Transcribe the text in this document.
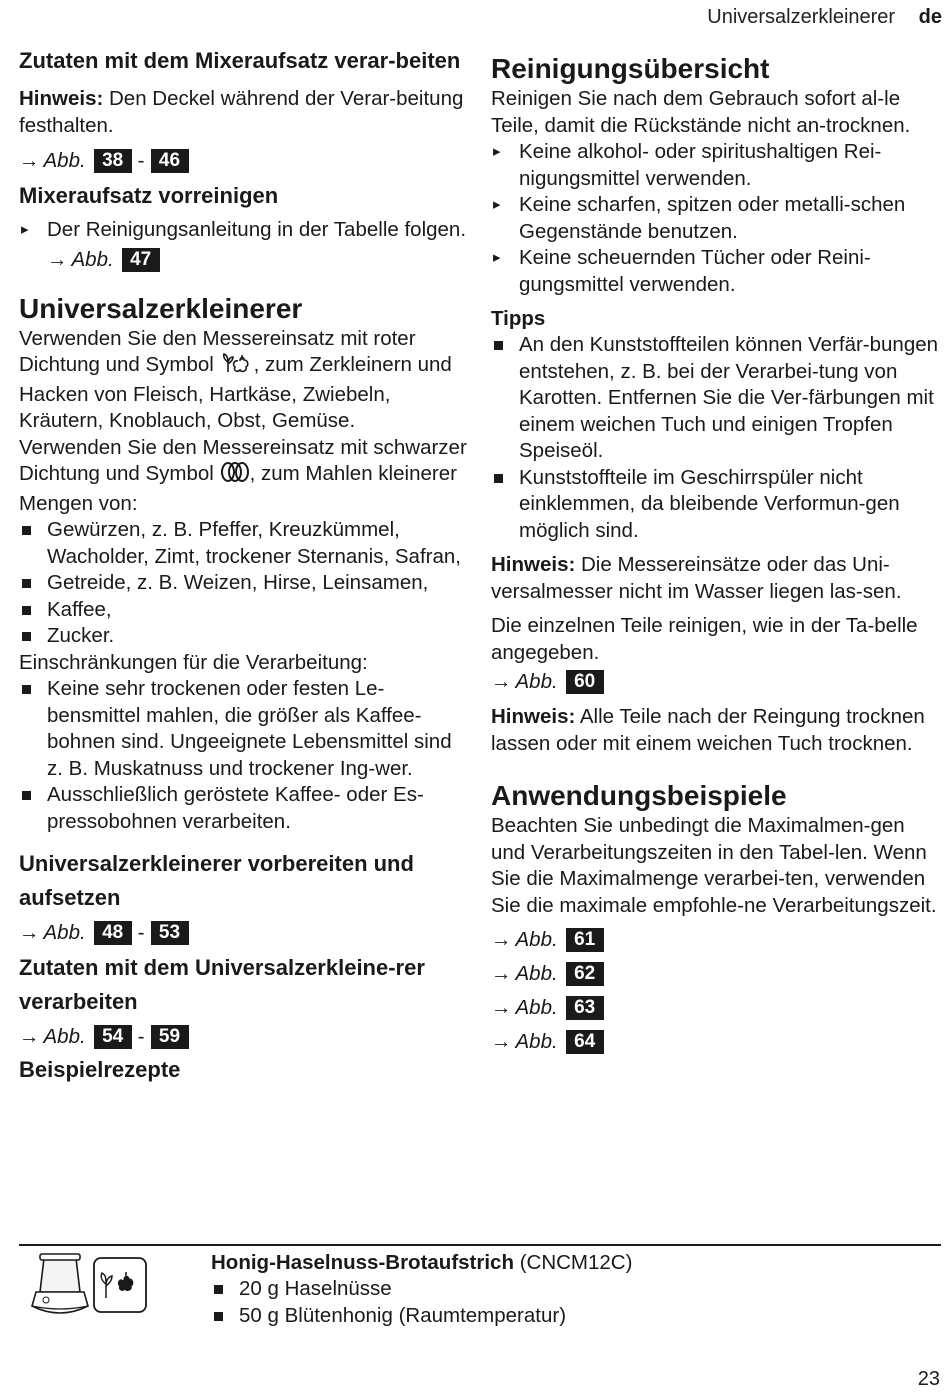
Universalzerkleinerer de
Zutaten mit dem Mixeraufsatz verar-beiten

Hinweis: Den Deckel während der Verar-beitung festhalten.

→ Abb. 38 - 46
Mixeraufsatz vorreinigen
▸ Der Reinigungsanleitung in der Tabelle folgen.
→ Abb. 47
Universalzerkleinerer

Verwenden Sie den Messereinsatz mit roter Dichtung und Symbol , zum Zerkleinern und Hacken von Fleisch, Hartkäse, Zwiebeln, Kräutern, Knoblauch, Obst, Gemüse.

Verwenden Sie den Messereinsatz mit schwarzer Dichtung und Symbol , zum Mahlen kleinerer Mengen von:

Gewürzen, z. B. Pfeffer, Kreuzkümmel, Wacholder, Zimt, trockener Sternanis, Safran,
Getreide, z. B. Weizen, Hirse, Leinsamen,
Kaffee,
Zucker.

Einschränkungen für die Verarbeitung:

Keine sehr trockenen oder festen Le-bensmittel mahlen, die größer als Kaffee-bohnen sind. Ungeeignete Lebensmittel sind z. B. Muskatnuss und trockener Ing-wer.
Ausschließlich geröstete Kaffee- oder Es-pressobohnen verarbeiten.
Universalzerkleinerer vorbereiten und aufsetzen
→ Abb. 48 - 53
Zutaten mit dem Universalzerkleine-rer verarbeiten
→ Abb. 54 - 59
Beispielrezepte
Reinigungsübersicht

Reinigen Sie nach dem Gebrauch sofort al-le Teile, damit die Rückstände nicht an-trocknen.

▸ Keine alkohol- oder spiritushaltigen Rei-nigungsmittel verwenden.
▸ Keine scharfen, spitzen oder metalli-schen Gegenstände benutzen.
▸ Keine scheuernden Tücher oder Reini-gungsmittel verwenden.
Tipps
An den Kunststoffteilen können Verfär-bungen entstehen, z. B. bei der Verarbei-tung von Karotten. Entfernen Sie die Ver-färbungen mit einem weichen Tuch und einigen Tropfen Speiseöl.
Kunststoffteile im Geschirrspüler nicht einklemmen, da bleibende Verformun-gen möglich sind.

Hinweis: Die Messereinsätze oder das Uni-versalmesser nicht im Wasser liegen las-sen.

Die einzelnen Teile reinigen, wie in der Ta-belle angegeben.

→ Abb. 60

Hinweis: Alle Teile nach der Reingung trocknen lassen oder mit einem weichen Tuch trocknen.

Anwendungsbeispiele

Beachten Sie unbedingt die Maximalmen-gen und Verarbeitungszeiten in den Tabel-len. Wenn Sie die Maximalmenge verarbei-ten, verwenden Sie die maximale empfohle-ne Verarbeitungszeit.

→ Abb. 61
→ Abb. 62
→ Abb. 63
→ Abb. 64
Honig-Haselnuss-Brotaufstrich (CNCM12C)
20 g Haselnüsse
50 g Blütenhonig (Raumtemperatur)
23
